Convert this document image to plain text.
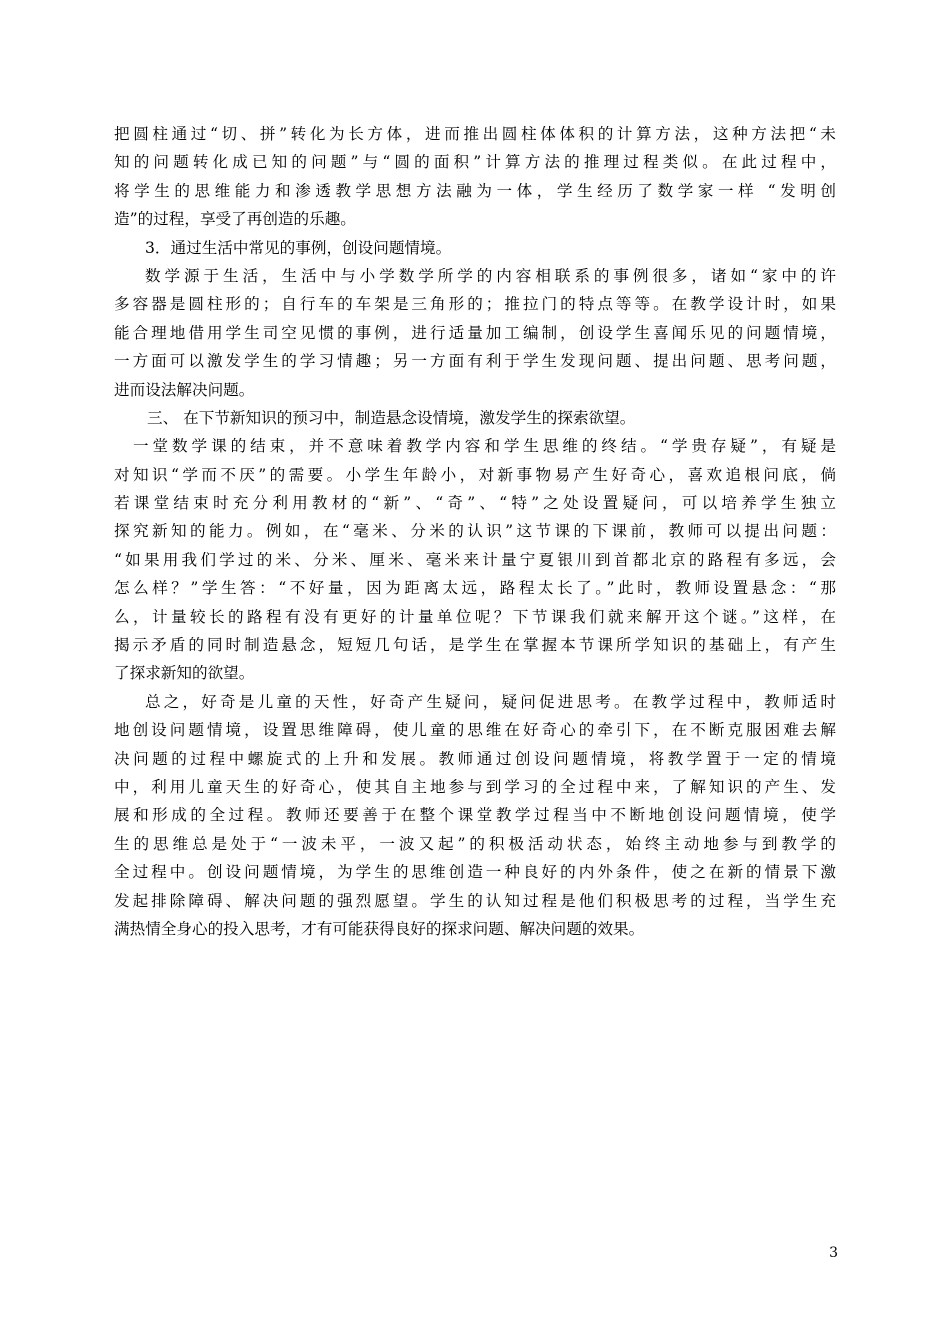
把圆柱通过“切、拼”转化为长方体，进而推出圆柱体体积的计算方法，这种方法把“未
知的问题转化成已知的问题”与“圆的面积”计算方法的推理过程类似。在此过程中，
将学生的思维能力和渗透教学思想方法融为一体，学生经历了数学家一样 “发明创
造”的过程，享受了再创造的乐趣。
3．通过生活中常见的事例，创设问题情境。
数学源于生活，生活中与小学数学所学的内容相联系的事例很多，诸如“家中的许
多容器是圆柱形的；自行车的车架是三角形的；推拉门的特点等等。在教学设计时，如果
能合理地借用学生司空见惯的事例，进行适量加工编制，创设学生喜闻乐见的问题情境，
一方面可以激发学生的学习情趣；另一方面有利于学生发现问题、提出问题、思考问题，
进而设法解决问题。
三、 在下节新知识的预习中，制造悬念设情境，激发学生的探索欲望。
一堂数学课的结束，并不意味着教学内容和学生思维的终结。“学贵存疑”，有疑是
对知识“学而不厌”的需要。小学生年龄小，对新事物易产生好奇心，喜欢追根问底，倘
若课堂结束时充分利用教材的“新”、“奇”、“特”之处设置疑问，可以培养学生独立
探究新知的能力。例如，在“毫米、分米的认识”这节课的下课前，教师可以提出问题：
“如果用我们学过的米、分米、厘米、毫米来计量宁夏银川到首都北京的路程有多远，会
怎么样？”学生答：“不好量，因为距离太远，路程太长了。”此时，教师设置悬念：“那
么，计量较长的路程有没有更好的计量单位呢？下节课我们就来解开这个谜。”这样，在
揭示矛盾的同时制造悬念，短短几句话，是学生在掌握本节课所学知识的基础上，有产生
了探求新知的欲望。
总之，好奇是儿童的天性，好奇产生疑问，疑问促进思考。在教学过程中，教师适时
地创设问题情境，设置思维障碍，使儿童的思维在好奇心的牵引下，在不断克服困难去解
决问题的过程中螺旋式的上升和发展。教师通过创设问题情境，将教学置于一定的情境
中，利用儿童天生的好奇心，使其自主地参与到学习的全过程中来，了解知识的产生、发
展和形成的全过程。教师还要善于在整个课堂教学过程当中不断地创设问题情境，使学
生的思维总是处于“一波未平，一波又起”的积极活动状态，始终主动地参与到教学的
全过程中。创设问题情境，为学生的思维创造一种良好的内外条件，使之在新的情景下激
发起排除障碍、解决问题的强烈愿望。学生的认知过程是他们积极思考的过程，当学生充
满热情全身心的投入思考，才有可能获得良好的探求问题、解决问题的效果。
3
